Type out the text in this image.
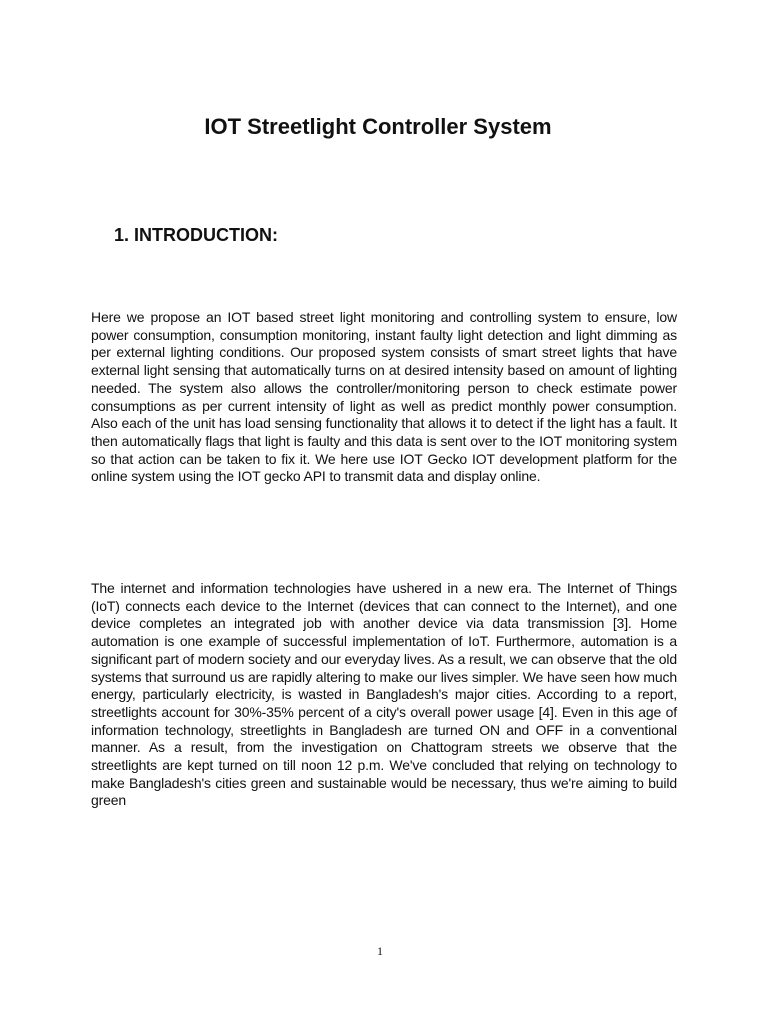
IOT Streetlight Controller System
1. INTRODUCTION:

Here we propose an IOT based street light monitoring and controlling system to ensure, low power consumption, consumption monitoring, instant faulty light detection and light dimming as per external lighting conditions. Our proposed system consists of smart street lights that have external light sensing that automatically turns on at desired intensity based on amount of lighting needed. The system also allows the controller/monitoring person to check estimate power consumptions as per current intensity of light as well as predict monthly power consumption. Also each of the unit has load sensing functionality that allows it to detect if the light has a fault. It then automatically flags that light is faulty and this data is sent over to the IOT monitoring system so that action can be taken to fix it. We here use IOT Gecko IOT development platform for the online system using the IOT gecko API to transmit data and display online.

The internet and information technologies have ushered in a new era. The Internet of Things (IoT) connects each device to the Internet (devices that can connect to the Internet), and one device completes an integrated job with another device via data transmission [3]. Home automation is one example of successful implementation of IoT. Furthermore, automation is a significant part of modern society and our everyday lives. As a result, we can observe that the old systems that surround us are rapidly altering to make our lives simpler. We have seen how much energy, particularly electricity, is wasted in Bangladesh's major cities. According to a report, streetlights account for 30%-35% percent of a city's overall power usage [4]. Even in this age of information technology, streetlights in Bangladesh are turned ON and OFF in a conventional manner. As a result, from the investigation on Chattogram streets we observe that the streetlights are kept turned on till noon 12 p.m. We've concluded that relying on technology to make Bangladesh's cities green and sustainable would be necessary, thus we're aiming to build green

1
